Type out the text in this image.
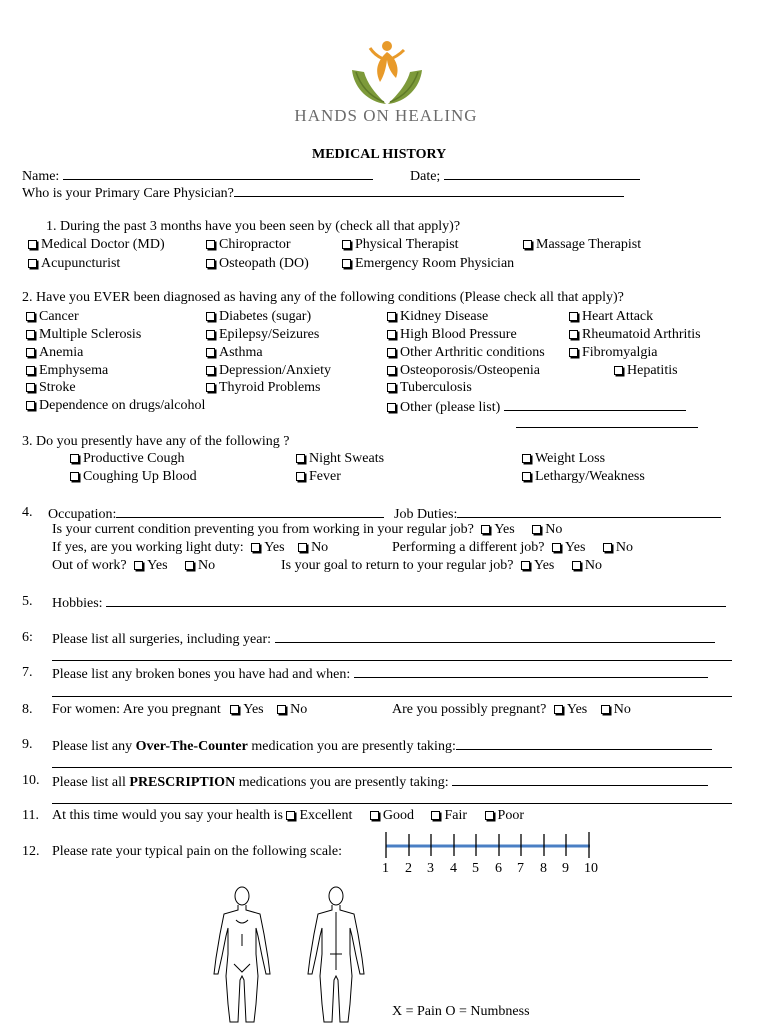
HANDS ON HEALING
MEDICAL HISTORY
Name:	Date;
Who is your Primary Care Physician?
1. During the past 3 months have you been seen by (check all that apply)?
Medical Doctor (MD)	Chiropractor	Physical Therapist	Massage Therapist
Acupuncturist	Osteopath (DO)	Emergency Room Physician
2. Have you EVER been diagnosed as having any of the following conditions (Please check all that apply)?
Cancer	Diabetes (sugar)	Kidney Disease	Heart Attack
Multiple Sclerosis	Epilepsy/Seizures	High Blood Pressure	Rheumatoid Arthritis
Anemia	Asthma	Other Arthritic conditions	Fibromyalgia
Emphysema	Depression/Anxiety	Osteoporosis/Osteopenia	Hepatitis
Stroke	Thyroid Problems	Tuberculosis
Dependence on drugs/alcohol	Other (please list)
3. Do you presently have any of the following ?
Productive Cough	Night Sweats	Weight Loss
Coughing Up Blood	Fever	Lethargy/Weakness
4. Occupation:	Job Duties:
Is your current condition preventing you from working in your regular job? Yes No
If yes, are you working light duty: Yes No	Performing a different job? Yes No
Out of work? Yes No	Is your goal to return to your regular job? Yes No
5. Hobbies:
6: Please list all surgeries, including year:
7. Please list any broken bones you have had and when:
8. For women: Are you pregnant Yes No	Are you possibly pregnant? Yes No
9. Please list any Over-The-Counter medication you are presently taking:
10. Please list all PRESCRIPTION medications you are presently taking:
11. At this time would you say your health is Excellent Good Fair Poor
12. Please rate your typical pain on the following scale:
1 2 3 4 5 6 7 8 9 10
X = Pain O = Numbness
